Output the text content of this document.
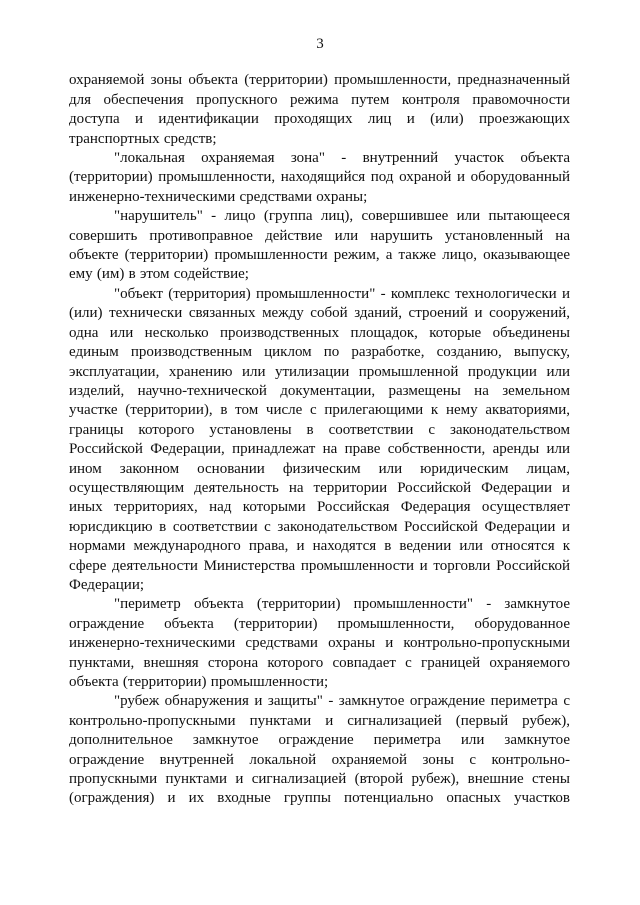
3

охраняемой зоны объекта (территории) промышленности, предназначенный для обеспечения пропускного режима путем контроля правомочности доступа и идентификации проходящих лиц и (или) проезжающих транспортных средств;

"локальная охраняемая зона" - внутренний участок объекта (территории) промышленности, находящийся под охраной и оборудованный инженерно-техническими средствами охраны;

"нарушитель" - лицо (группа лиц), совершившее или пытающееся совершить противоправное действие или нарушить установленный на объекте (территории) промышленности режим, а также лицо, оказывающее ему (им) в этом содействие;

"объект (территория) промышленности" - комплекс технологически и (или) технически связанных между собой зданий, строений и сооружений, одна или несколько производственных площадок, которые объединены единым производственным циклом по разработке, созданию, выпуску, эксплуатации, хранению или утилизации промышленной продукции или изделий, научно-технической документации, размещены на земельном участке (территории), в том числе с прилегающими к нему акваториями, границы которого установлены в соответствии с законодательством Российской Федерации, принадлежат на праве собственности, аренды или ином законном основании физическим или юридическим лицам, осуществляющим деятельность на территории Российской Федерации и иных территориях, над которыми Российская Федерация осуществляет юрисдикцию в соответствии с законодательством Российской Федерации и нормами международного права, и находятся в ведении или относятся к сфере деятельности Министерства промышленности и торговли Российской Федерации;

"периметр объекта (территории) промышленности" - замкнутое ограждение объекта (территории) промышленности, оборудованное инженерно-техническими средствами охраны и контрольно-пропускными пунктами, внешняя сторона которого совпадает с границей охраняемого объекта (территории) промышленности;

"рубеж обнаружения и защиты" - замкнутое ограждение периметра с контрольно-пропускными пунктами и сигнализацией (первый рубеж), дополнительное замкнутое ограждение периметра или замкнутое ограждение внутренней локальной охраняемой зоны с контрольно-пропускными пунктами и сигнализацией (второй рубеж), внешние стены (ограждения) и их входные группы потенциально опасных участков
